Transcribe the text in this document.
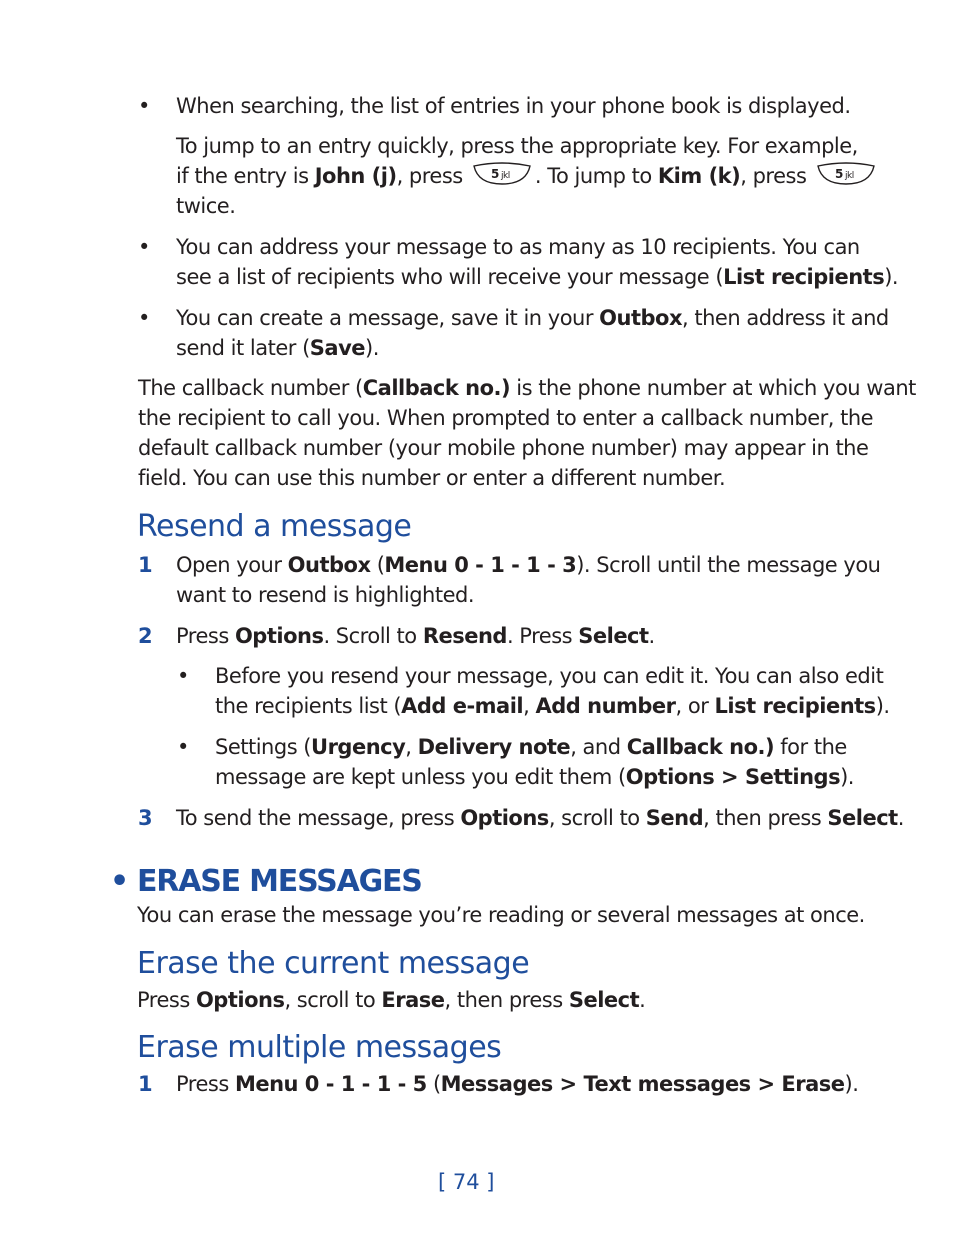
• When searching, the list of entries in your phone book is displayed.
To jump to an entry quickly, press the appropriate key. For example,
if the entry is John (j), press 5 jkl . To jump to Kim (k), press 5 jkl
twice.
• You can address your message to as many as 10 recipients. You can
see a list of recipients who will receive your message (List recipients).
• You can create a message, save it in your Outbox, then address it and
send it later (Save).
The callback number (Callback no.) is the phone number at which you want
the recipient to call you. When prompted to enter a callback number, the
default callback number (your mobile phone number) may appear in the
field. You can use this number or enter a different number.
Resend a message
1 Open your Outbox (Menu 0 - 1 - 1 - 3). Scroll until the message you
want to resend is highlighted.
2 Press Options. Scroll to Resend. Press Select.
• Before you resend your message, you can edit it. You can also edit
the recipients list (Add e-mail, Add number, or List recipients).
• Settings (Urgency, Delivery note, and Callback no.) for the
message are kept unless you edit them (Options > Settings).
3 To send the message, press Options, scroll to Send, then press Select.
• ERASE MESSAGES
You can erase the message you’re reading or several messages at once.
Erase the current message
Press Options, scroll to Erase, then press Select.
Erase multiple messages
1 Press Menu 0 - 1 - 1 - 5 (Messages > Text messages > Erase).
[ 74 ]
